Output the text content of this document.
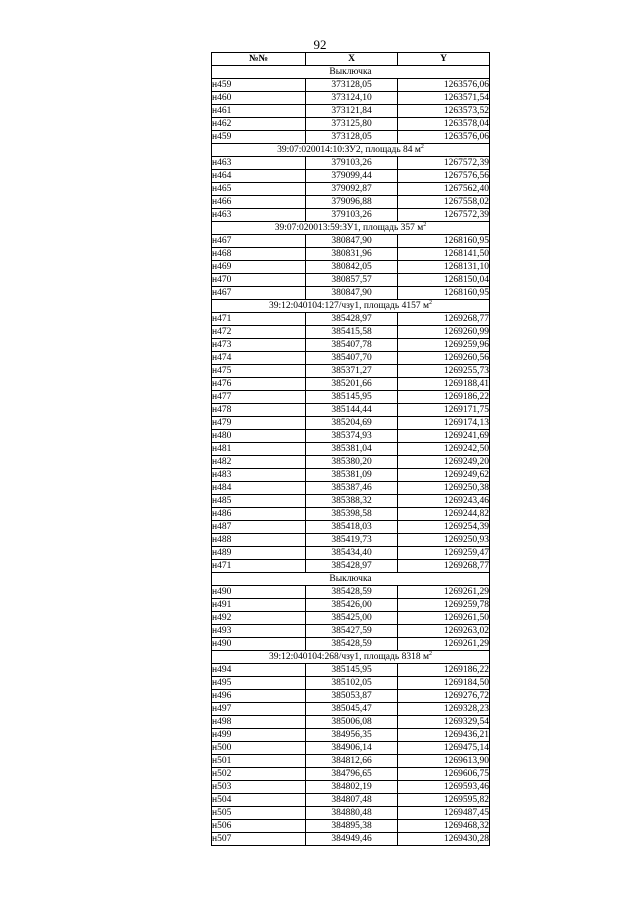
92
№№	X	Y
Выключка		
н459	373128,05	1263576,06
н460	373124,10	1263571,54
н461	373121,84	1263573,52
н462	373125,80	1263578,04
н459	373128,05	1263576,06
39:07:020014:10:ЗУ2, площадь 84 $м^2$
н463	379103,26	1267572,39
н464	379099,44	1267576,56
н465	379092,87	1267562,40
н466	379096,88	1267558,02
н463	379103,26	1267572,39
39:07:020013:59:ЗУ1, площадь 357 $м^2$
н467	380847,90	1268160,95
н468	380831,96	1268141,50
н469	380842,05	1268131,10
н470	380857,57	1268150,04
н467	380847,90	1268160,95
39:12:040104:127/чзу1, площадь 4157 $м^2$
н471	385428,97	1269268,77
н472	385415,58	1269260,99
н473	385407,78	1269259,96
н474	385407,70	1269260,56
н475	385371,27	1269255,73
н476	385201,66	1269188,41
н477	385145,95	1269186,22
н478	385144,44	1269171,75
н479	385204,69	1269174,13
н480	385374,93	1269241,69
н481	385381,04	1269242,50
н482	385380,20	1269249,20
н483	385381,09	1269249,62
н484	385387,46	1269250,38
н485	385388,32	1269243,46
н486	385398,58	1269244,82
н487	385418,03	1269254,39
н488	385419,73	1269250,93
н489	385434,40	1269259,47
н471	385428,97	1269268,77
Выключка		
н490	385428,59	1269261,29
н491	385426,00	1269259,78
н492	385425,00	1269261,50
н493	385427,59	1269263,02
н490	385428,59	1269261,29
39:12:040104:268/чзу1, площадь 8318 $м^2$
н494	385145,95	1269186,22
н495	385102,05	1269184,50
н496	385053,87	1269276,72
н497	385045,47	1269328,23
н498	385006,08	1269329,54
н499	384956,35	1269436,21
н500	384906,14	1269475,14
н501	384812,66	1269613,90
н502	384796,65	1269606,75
н503	384802,19	1269593,46
н504	384807,48	1269595,82
н505	384880,48	1269487,45
н506	384895,38	1269468,32
н507	384949,46	1269430,28
